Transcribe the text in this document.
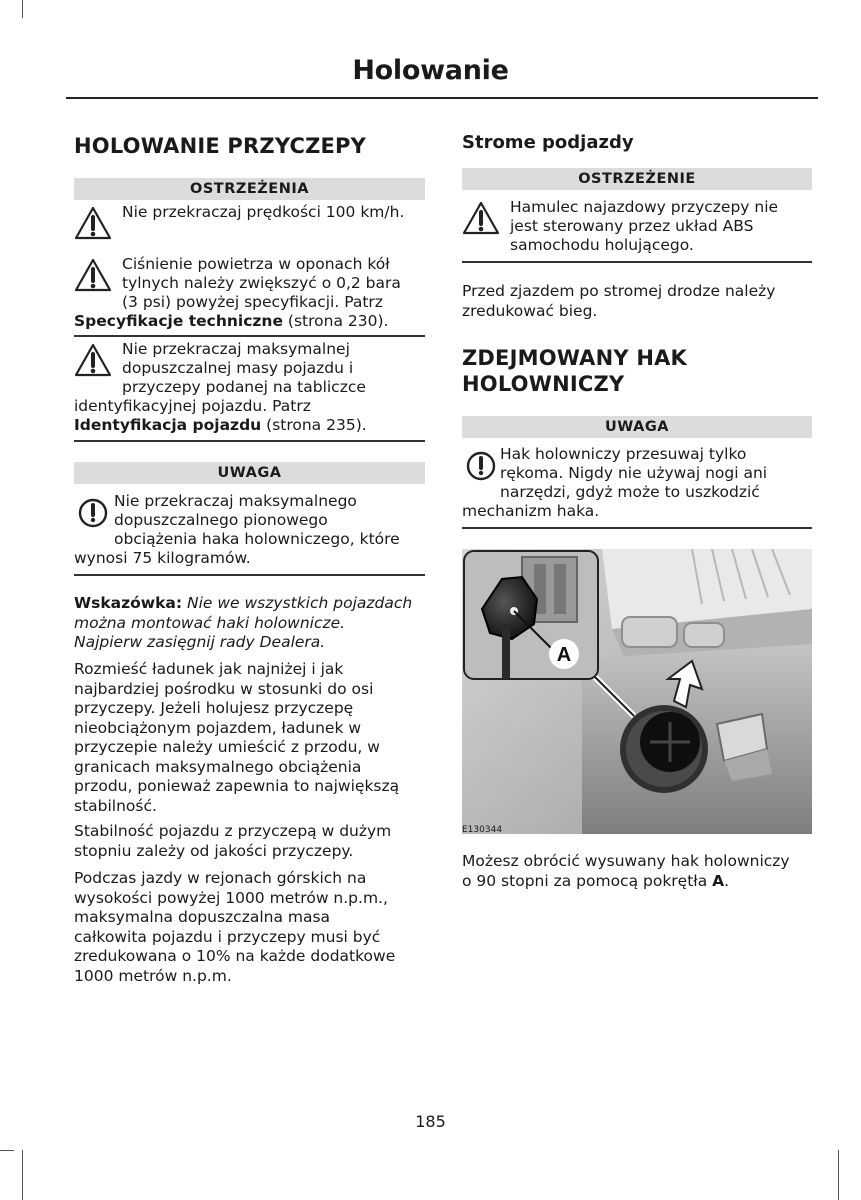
Holowanie
HOLOWANIE PRZYCZEPY
OSTRZEŻENIA
Nie przekraczaj prędkości 100 km/h.
Ciśnienie powietrza w oponach kół
tylnych należy zwiększyć o 0,2 bara
(3 psi) powyżej specyfikacji. Patrz
Specyfikacje techniczne (strona 230).
Nie przekraczaj maksymalnej
dopuszczalnej masy pojazdu i
przyczepy podanej na tabliczce
identyfikacyjnej pojazdu. Patrz
Identyfikacja pojazdu (strona 235).
UWAGA
Nie przekraczaj maksymalnego
dopuszczalnego pionowego
obciążenia haka holowniczego, które
wynosi 75 kilogramów.
Wskazówka: Nie we wszystkich pojazdach
można montować haki holownicze.
Najpierw zasięgnij rady Dealera.
Rozmieść ładunek jak najniżej i jak
najbardziej pośrodku w stosunki do osi
przyczepy. Jeżeli holujesz przyczepę
nieobciążonym pojazdem, ładunek w
przyczepie należy umieścić z przodu, w
granicach maksymalnego obciążenia
przodu, ponieważ zapewnia to największą
stabilność.
Stabilność pojazdu z przyczepą w dużym
stopniu zależy od jakości przyczepy.
Podczas jazdy w rejonach górskich na
wysokości powyżej 1000 metrów n.p.m.,
maksymalna dopuszczalna masa
całkowita pojazdu i przyczepy musi być
zredukowana o 10% na każde dodatkowe
1000 metrów n.p.m.
Strome podjazdy
OSTRZEŻENIE
Hamulec najazdowy przyczepy nie
jest sterowany przez układ ABS
samochodu holującego.
Przed zjazdem po stromej drodze należy
zredukować bieg.
ZDEJMOWANY HAK
HOLOWNICZY
UWAGA
Hak holowniczy przesuwaj tylko
rękoma. Nigdy nie używaj nogi ani
narzędzi, gdyż może to uszkodzić
mechanizm haka.
Możesz obrócić wysuwany hak holowniczy
o 90 stopni za pomocą pokrętła A.
A
E130344
185
